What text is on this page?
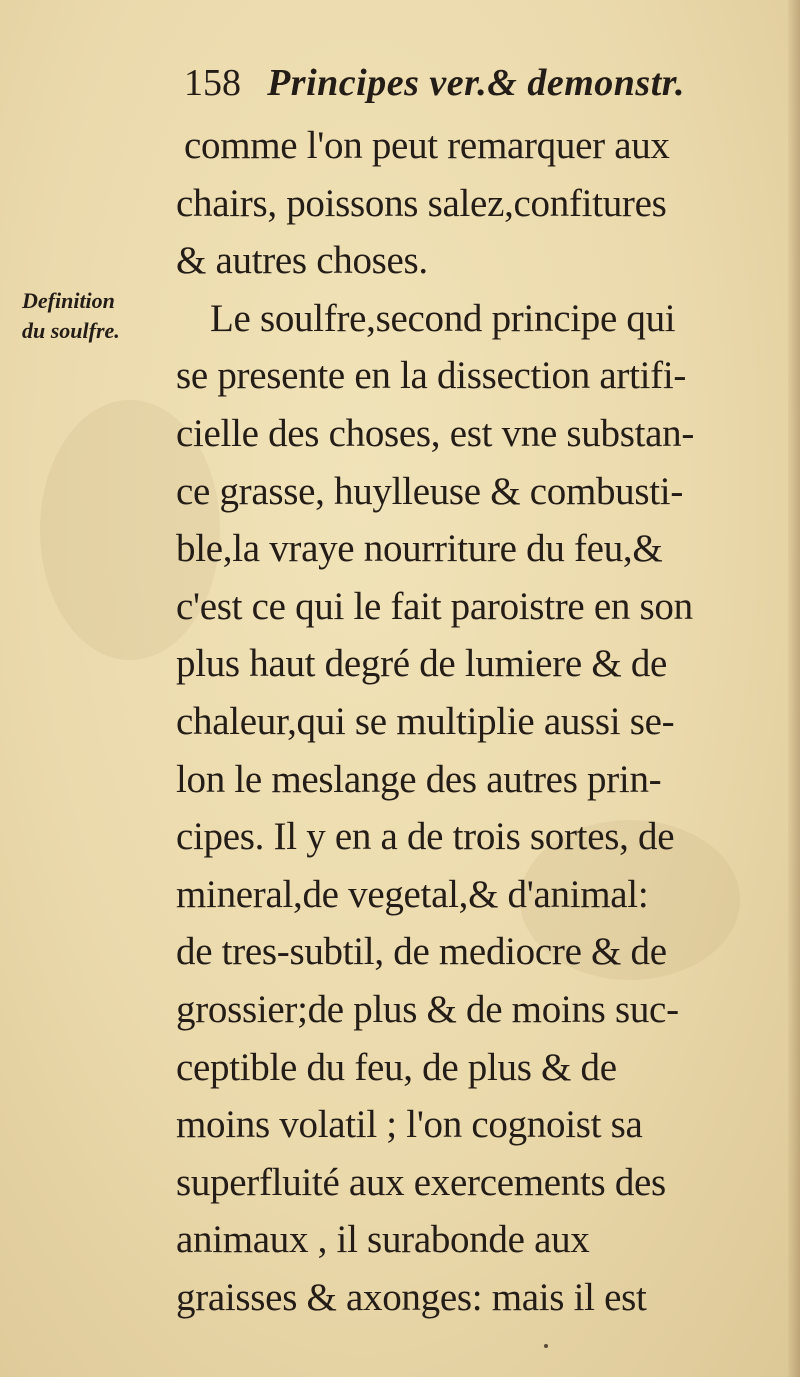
158 Principes ver.& demonstr.
Definition
du soulfre.
comme l'on peut remarquer aux
chairs, poissons salez,confitures
& autres choses.
Le soulfre,second principe qui
se presente en la dissection artifi-
cielle des choses, est vne substan-
ce grasse, huylleuse & combusti-
ble,la vraye nourriture du feu,&
c'est ce qui le fait paroistre en son
plus haut degré de lumiere & de
chaleur,qui se multiplie aussi se-
lon le meslange des autres prin-
cipes. Il y en a de trois sortes, de
mineral,de vegetal,& d'animal:
de tres-subtil, de mediocre & de
grossier;de plus & de moins suc-
ceptible du feu, de plus & de
moins volatil ; l'on cognoist sa
superfluité aux exercements des
animaux , il surabonde aux
graisses & axonges: mais il est
